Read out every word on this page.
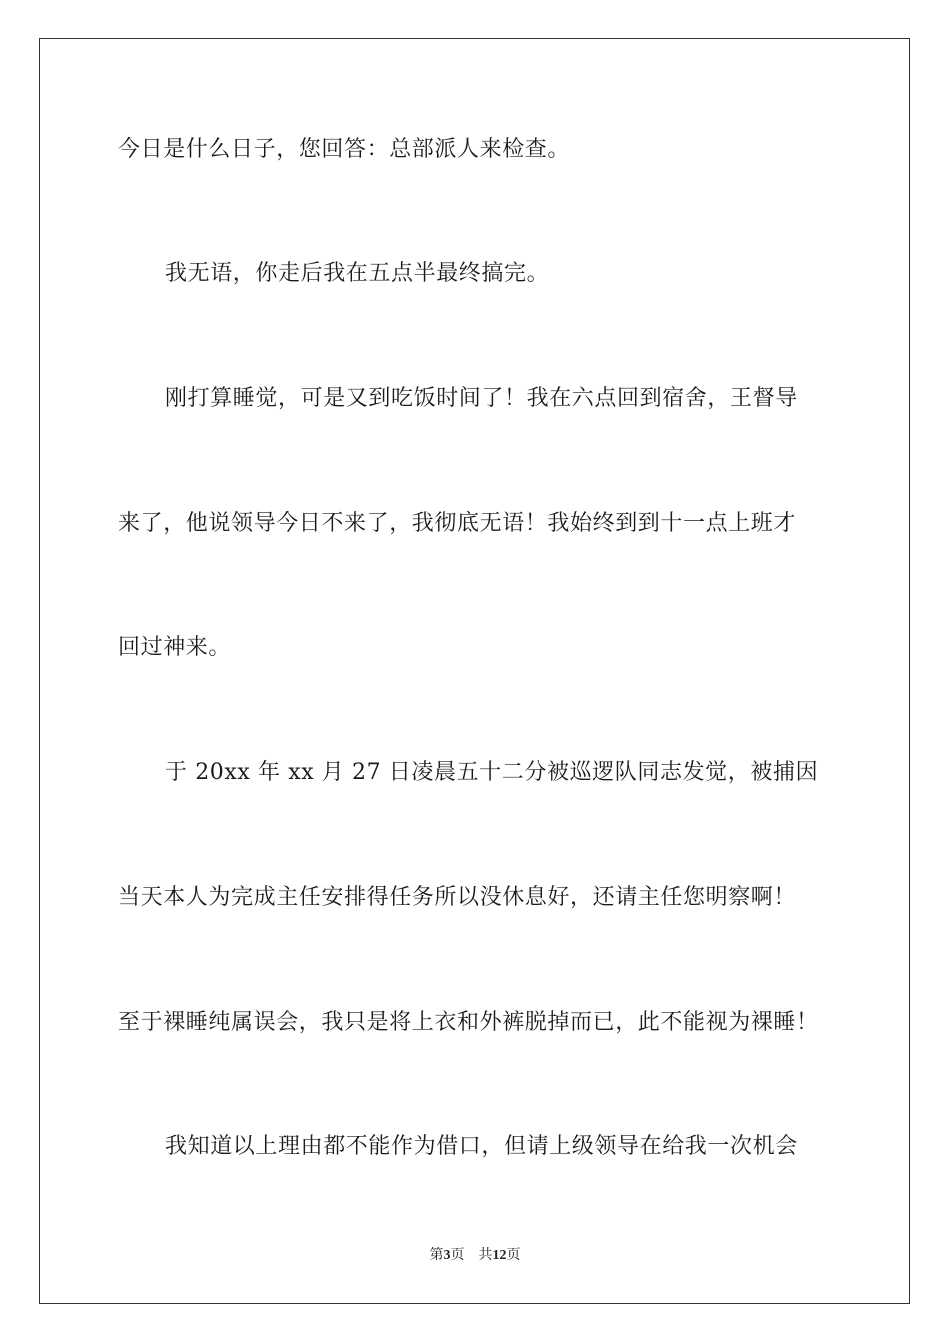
今日是什么日子，您回答：总部派人来检查。
我无语，你走后我在五点半最终搞完。
刚打算睡觉，可是又到吃饭时间了！我在六点回到宿舍，王督导
来了，他说领导今日不来了，我彻底无语！我始终到到十一点上班才
回过神来。
于 20xx 年 xx 月 27 日凌晨五十二分被巡逻队同志发觉，被捕因
当天本人为完成主任安排得任务所以没休息好，还请主任您明察啊！
至于裸睡纯属误会，我只是将上衣和外裤脱掉而已，此不能视为裸睡！
我知道以上理由都不能作为借口，但请上级领导在给我一次机会
第3页 共12页
